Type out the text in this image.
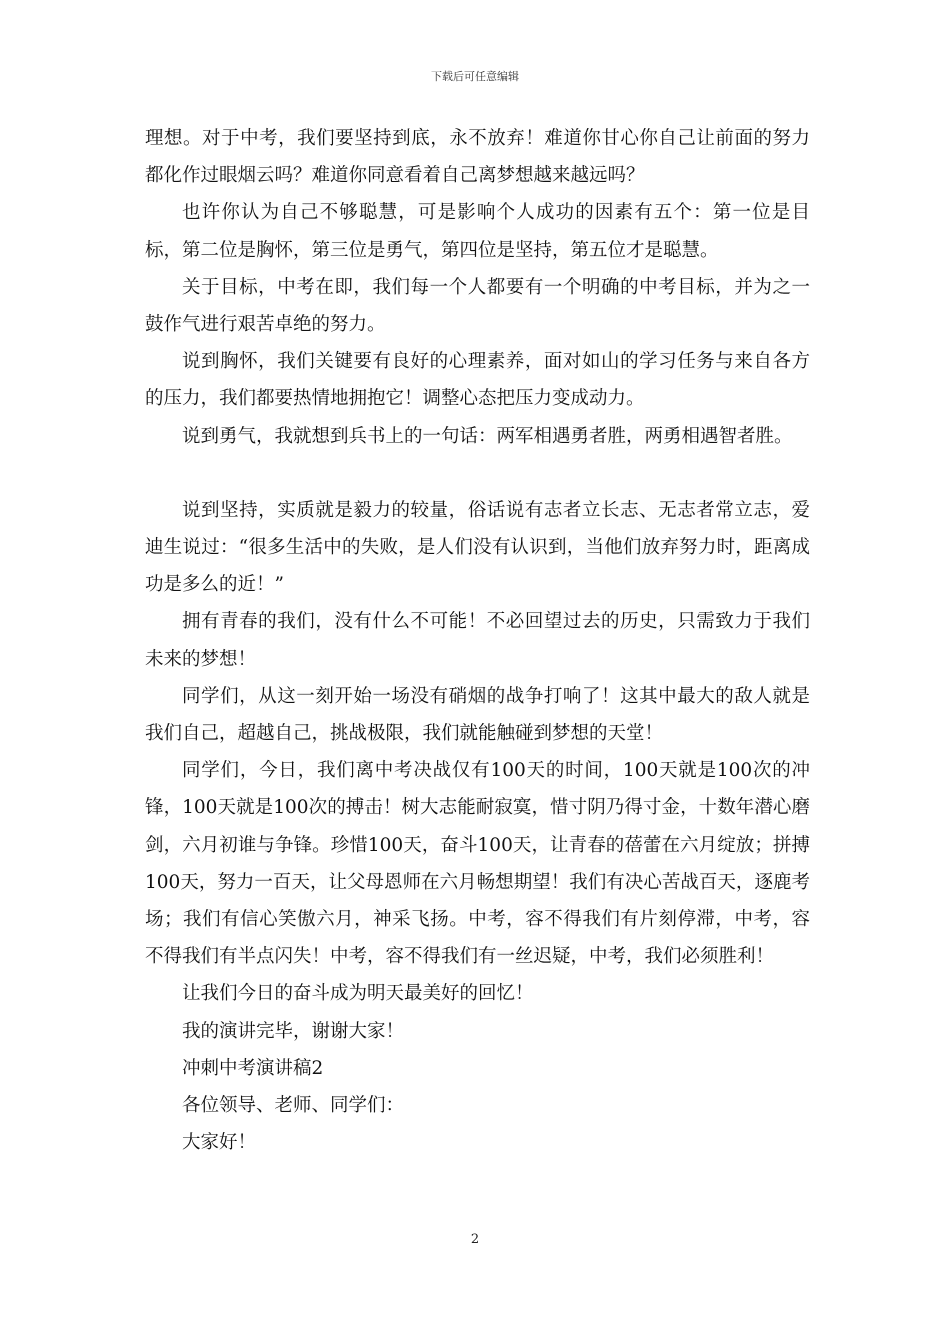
下载后可任意编辑

理想。对于中考，我们要坚持到底，永不放弃！难道你甘心你自己让前面的努力都化作过眼烟云吗？难道你同意看着自己离梦想越来越远吗？

也许你认为自己不够聪慧，可是影响个人成功的因素有五个：第一位是目标，第二位是胸怀，第三位是勇气，第四位是坚持，第五位才是聪慧。

关于目标，中考在即，我们每一个人都要有一个明确的中考目标，并为之一鼓作气进行艰苦卓绝的努力。

说到胸怀，我们关键要有良好的心理素养，面对如山的学习任务与来自各方的压力，我们都要热情地拥抱它！调整心态把压力变成动力。

说到勇气，我就想到兵书上的一句话：两军相遇勇者胜，两勇相遇智者胜。

说到坚持，实质就是毅力的较量，俗话说有志者立长志、无志者常立志，爱迪生说过：“很多生活中的失败，是人们没有认识到，当他们放弃努力时，距离成功是多么的近！”

拥有青春的我们，没有什么不可能！不必回望过去的历史，只需致力于我们未来的梦想！

同学们，从这一刻开始一场没有硝烟的战争打响了！这其中最大的敌人就是我们自己，超越自己，挑战极限，我们就能触碰到梦想的天堂！

同学们，今日，我们离中考决战仅有100天的时间，100天就是100次的冲锋，100天就是100次的搏击！树大志能耐寂寞，惜寸阴乃得寸金，十数年潜心磨剑，六月初谁与争锋。珍惜100天，奋斗100天，让青春的蓓蕾在六月绽放；拼搏100天，努力一百天，让父母恩师在六月畅想期望！我们有决心苦战百天，逐鹿考场；我们有信心笑傲六月，神采飞扬。中考，容不得我们有片刻停滞，中考，容不得我们有半点闪失！中考，容不得我们有一丝迟疑，中考，我们必须胜利！

让我们今日的奋斗成为明天最美好的回忆！

我的演讲完毕，谢谢大家！

冲刺中考演讲稿2

各位领导、老师、同学们：

大家好！

2
